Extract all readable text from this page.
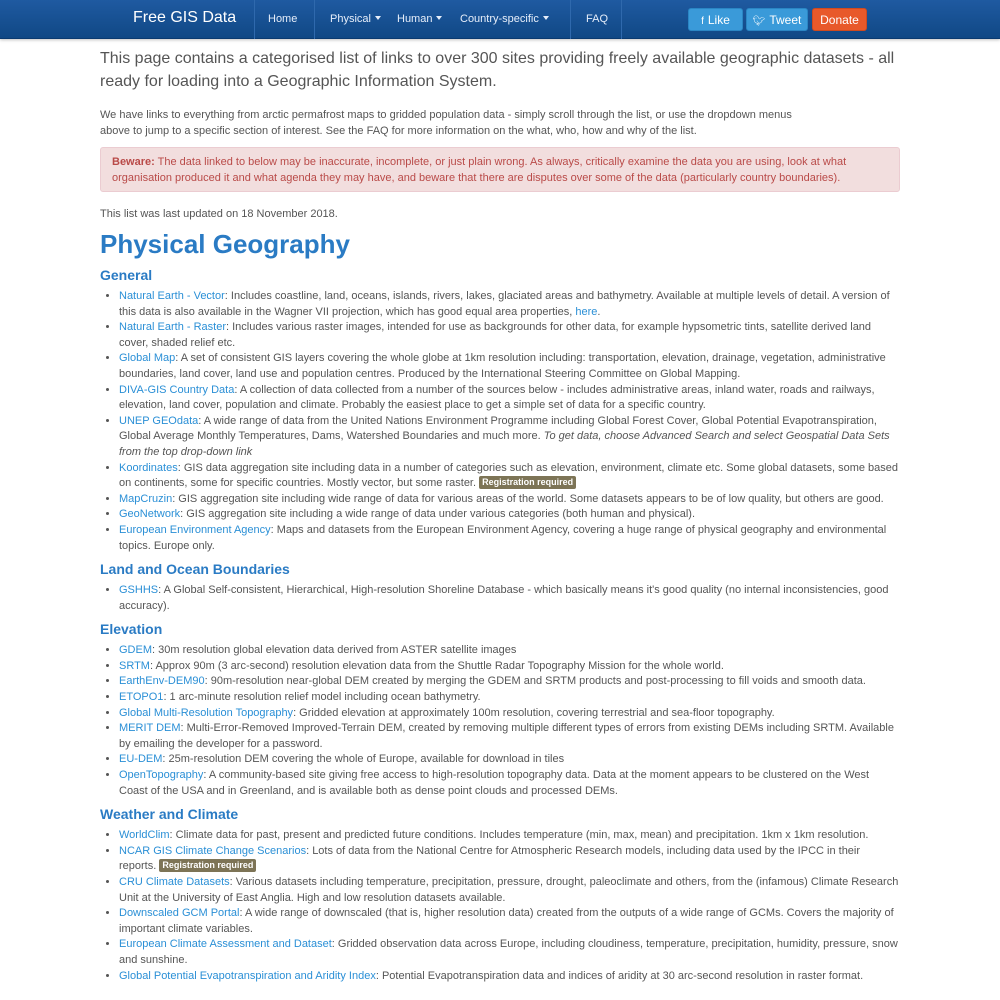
Free GIS Data	Home	Physical	Human	Country-specific	FAQ	f Like	🐦︎ Tweet	Donate

This page contains a categorised list of links to over 300 sites providing freely available geographic datasets - all ready for loading into a Geographic Information System.

We have links to everything from arctic permafrost maps to gridded population data - simply scroll through the list, or use the dropdown menus above to jump to a specific section of interest. See the FAQ for more information on the what, who, how and why of the list.

Beware: The data linked to below may be inaccurate, incomplete, or just plain wrong. As always, critically examine the data you are using, look at what organisation produced it and what agenda they may have, and beware that there are disputes over some of the data (particularly country boundaries).

This list was last updated on 18 November 2018.

Physical Geography
General
• Natural Earth - Vector: Includes coastline, land, oceans, islands, rivers, lakes, glaciated areas and bathymetry. Available at multiple levels of detail. A version of this data is also available in the Wagner VII projection, which has good equal area properties, here.
• Natural Earth - Raster: Includes various raster images, intended for use as backgrounds for other data, for example hypsometric tints, satellite derived land cover, shaded relief etc.
• Global Map: A set of consistent GIS layers covering the whole globe at 1km resolution including: transportation, elevation, drainage, vegetation, administrative boundaries, land cover, land use and population centres. Produced by the International Steering Committee on Global Mapping.
• DIVA-GIS Country Data: A collection of data collected from a number of the sources below - includes administrative areas, inland water, roads and railways, elevation, land cover, population and climate. Probably the easiest place to get a simple set of data for a specific country.
• UNEP GEOdata: A wide range of data from the United Nations Environment Programme including Global Forest Cover, Global Potential Evapotranspiration, Global Average Monthly Temperatures, Dams, Watershed Boundaries and much more. To get data, choose Advanced Search and select Geospatial Data Sets from the top drop-down link
• Koordinates: GIS data aggregation site including data in a number of categories such as elevation, environment, climate etc. Some global datasets, some based on continents, some for specific countries. Mostly vector, but some raster. Registration required
• MapCruzin: GIS aggregation site including wide range of data for various areas of the world. Some datasets appears to be of low quality, but others are good.
• GeoNetwork: GIS aggregation site including a wide range of data under various categories (both human and physical).
• European Environment Agency: Maps and datasets from the European Environment Agency, covering a huge range of physical geography and environmental topics. Europe only.
Land and Ocean Boundaries
• GSHHS: A Global Self-consistent, Hierarchical, High-resolution Shoreline Database - which basically means it's good quality (no internal inconsistencies, good accuracy).
Elevation
• GDEM: 30m resolution global elevation data derived from ASTER satellite images
• SRTM: Approx 90m (3 arc-second) resolution elevation data from the Shuttle Radar Topography Mission for the whole world.
• EarthEnv-DEM90: 90m-resolution near-global DEM created by merging the GDEM and SRTM products and post-processing to fill voids and smooth data.
• ETOPO1: 1 arc-minute resolution relief model including ocean bathymetry.
• Global Multi-Resolution Topography: Gridded elevation at approximately 100m resolution, covering terrestrial and sea-floor topography.
• MERIT DEM: Multi-Error-Removed Improved-Terrain DEM, created by removing multiple different types of errors from existing DEMs including SRTM. Available by emailing the developer for a password.
• EU-DEM: 25m-resolution DEM covering the whole of Europe, available for download in tiles
• OpenTopography: A community-based site giving free access to high-resolution topography data. Data at the moment appears to be clustered on the West Coast of the USA and in Greenland, and is available both as dense point clouds and processed DEMs.
Weather and Climate
• WorldClim: Climate data for past, present and predicted future conditions. Includes temperature (min, max, mean) and precipitation. 1km x 1km resolution.
• NCAR GIS Climate Change Scenarios: Lots of data from the National Centre for Atmospheric Research models, including data used by the IPCC in their reports. Registration required
• CRU Climate Datasets: Various datasets including temperature, precipitation, pressure, drought, paleoclimate and others, from the (infamous) Climate Research Unit at the University of East Anglia. High and low resolution datasets available.
• Downscaled GCM Portal: A wide range of downscaled (that is, higher resolution data) created from the outputs of a wide range of GCMs. Covers the majority of important climate variables.
• European Climate Assessment and Dataset: Gridded observation data across Europe, including cloudiness, temperature, precipitation, humidity, pressure, snow and sunshine.
• Global Potential Evapotranspiration and Aridity Index: Potential Evapotranspiration data and indices of aridity at 30 arc-second resolution in raster format.
